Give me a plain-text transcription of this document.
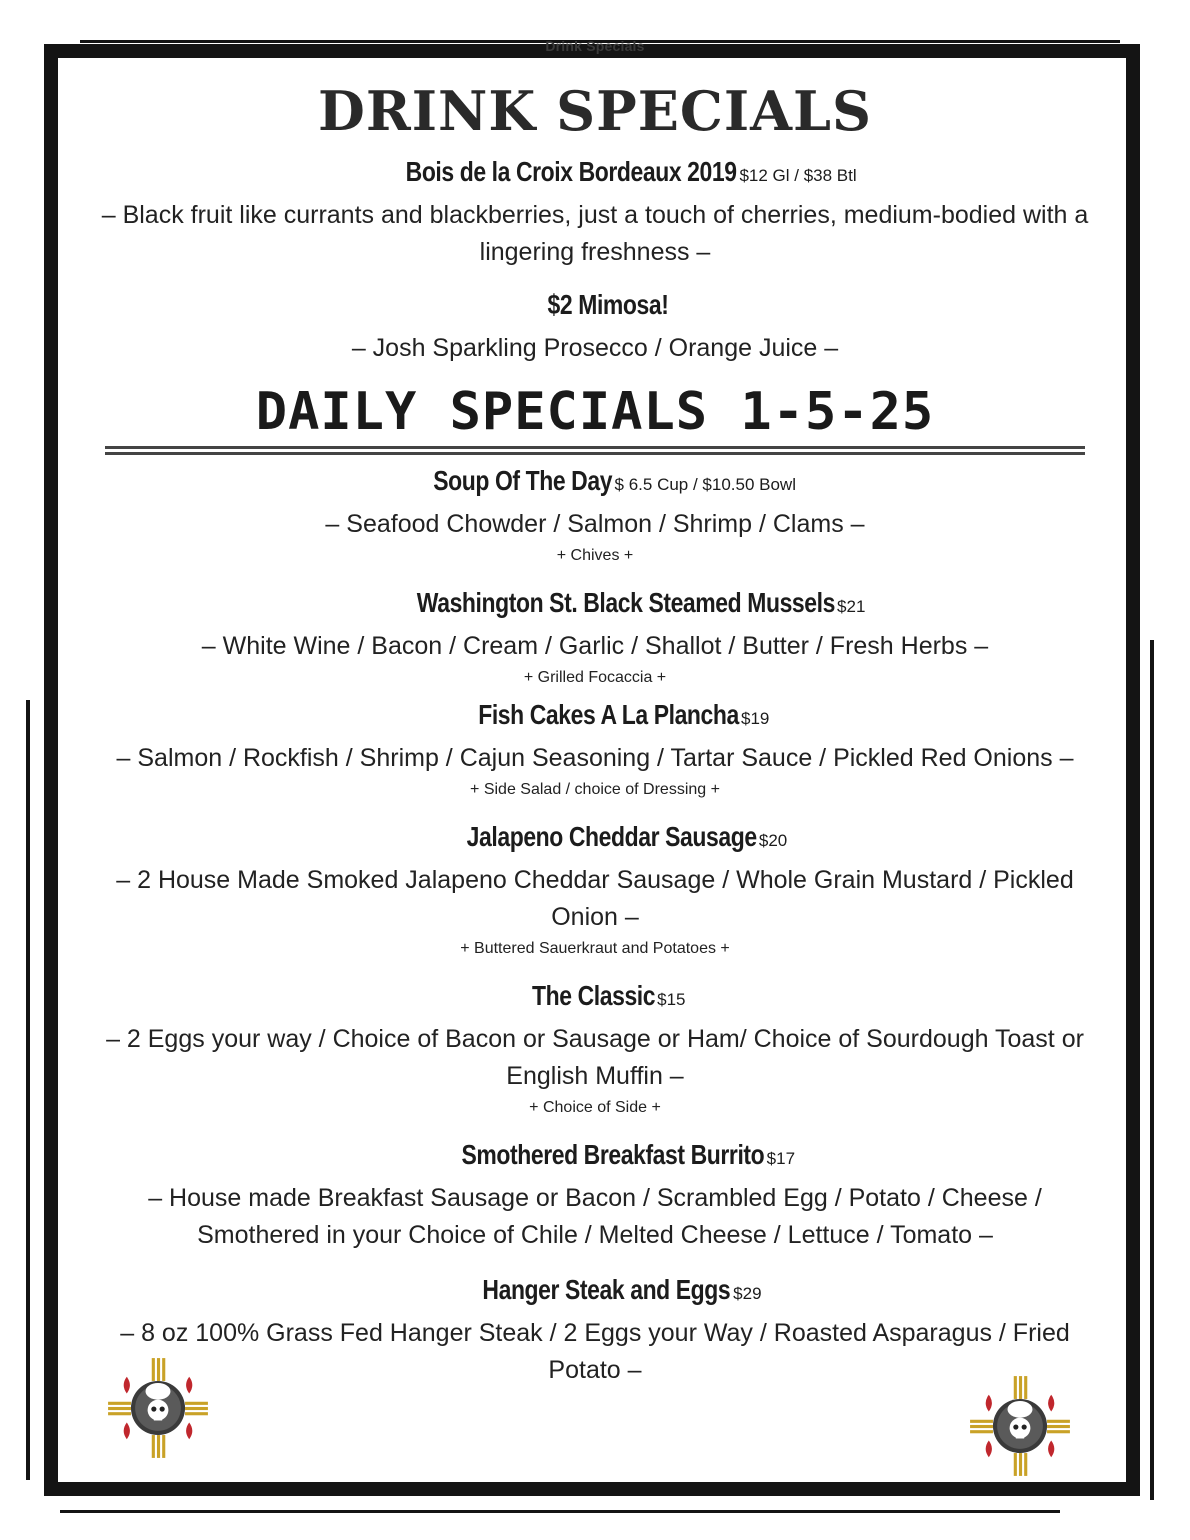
Drink Specials
DRINK SPECIALS
Bois de la Croix Bordeaux 2019 $12 Gl / $38 Btl

– Black fruit like currants and blackberries, just a touch of cherries, medium-bodied with a lingering freshness –

$2 Mimosa!

– Josh Sparkling Prosecco / Orange Juice –

DAILY SPECIALS 1-5-25
Soup Of The Day $ 6.5 Cup / $10.50 Bowl

– Seafood Chowder / Salmon / Shrimp / Clams –

+ Chives +

Washington St. Black Steamed Mussels $21

– White Wine / Bacon / Cream / Garlic / Shallot / Butter / Fresh Herbs –

+ Grilled Focaccia +

Fish Cakes A La Plancha $19

– Salmon / Rockfish / Shrimp / Cajun Seasoning / Tartar Sauce / Pickled Red Onions –

+ Side Salad / choice of Dressing +

Jalapeno Cheddar Sausage $20

– 2 House Made Smoked Jalapeno Cheddar Sausage / Whole Grain Mustard / Pickled Onion –

+ Buttered Sauerkraut and Potatoes +

The Classic $15

– 2 Eggs your way / Choice of Bacon or Sausage or Ham/ Choice of Sourdough Toast or English Muffin –

+ Choice of Side +

Smothered Breakfast Burrito $17

– House made Breakfast Sausage or Bacon / Scrambled Egg / Potato / Cheese / Smothered in your Choice of Chile / Melted Cheese / Lettuce / Tomato –

Hanger Steak and Eggs $29

– 8 oz 100% Grass Fed Hanger Steak / 2 Eggs your Way / Roasted Asparagus / Fried Potato –
